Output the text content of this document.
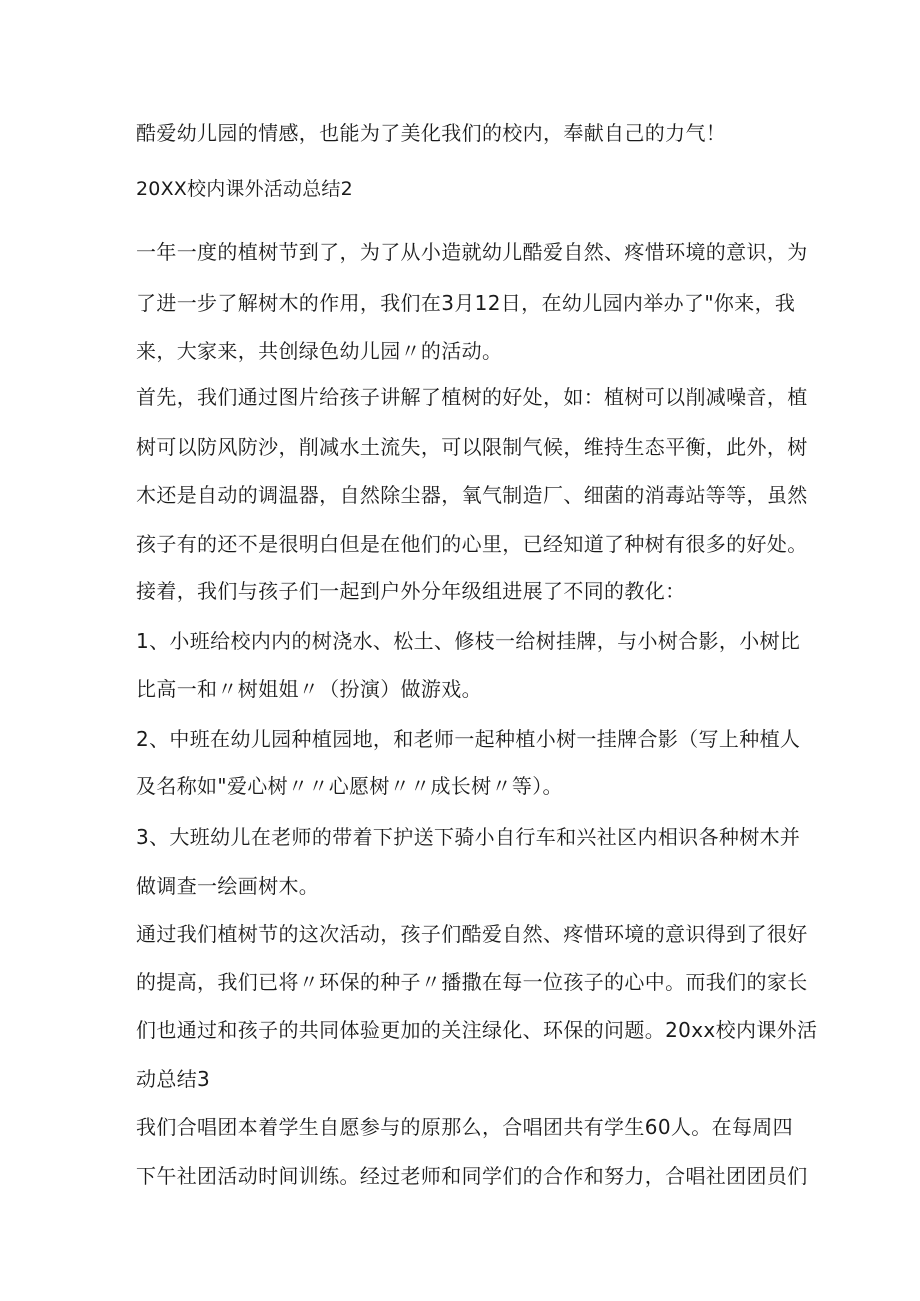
酷爱幼儿园的情感，也能为了美化我们的校内，奉献自己的力气！
20XX校内课外活动总结2
一年一度的植树节到了，为了从小造就幼儿酷爱自然、疼惜环境的意识，为
了进一步了解树木的作用，我们在3月12日，在幼儿园内举办了"你来，我
来，大家来，共创绿色幼儿园〃的活动。
首先，我们通过图片给孩子讲解了植树的好处，如：植树可以削减噪音，植
树可以防风防沙，削减水土流失，可以限制气候，维持生态平衡，此外，树
木还是自动的调温器，自然除尘器，氧气制造厂、细菌的消毒站等等，虽然
孩子有的还不是很明白但是在他们的心里，已经知道了种树有很多的好处。
接着，我们与孩子们一起到户外分年级组进展了不同的教化：
1、小班给校内内的树浇水、松土、修枝一给树挂牌，与小树合影，小树比
比高一和〃树姐姐〃（扮演）做游戏。
2、中班在幼儿园种植园地，和老师一起种植小树一挂牌合影（写上种植人
及名称如"爱心树〃〃心愿树〃〃成长树〃等）。
3、大班幼儿在老师的带着下护送下骑小自行车和兴社区内相识各种树木并
做调查一绘画树木。
通过我们植树节的这次活动，孩子们酷爱自然、疼惜环境的意识得到了很好
的提高，我们已将〃环保的种子〃播撒在每一位孩子的心中。而我们的家长
们也通过和孩子的共同体验更加的关注绿化、环保的问题。20xx校内课外活
动总结3
我们合唱团本着学生自愿参与的原那么，合唱团共有学生60人。在每周四
下午社团活动时间训练。经过老师和同学们的合作和努力，合唱社团团员们
